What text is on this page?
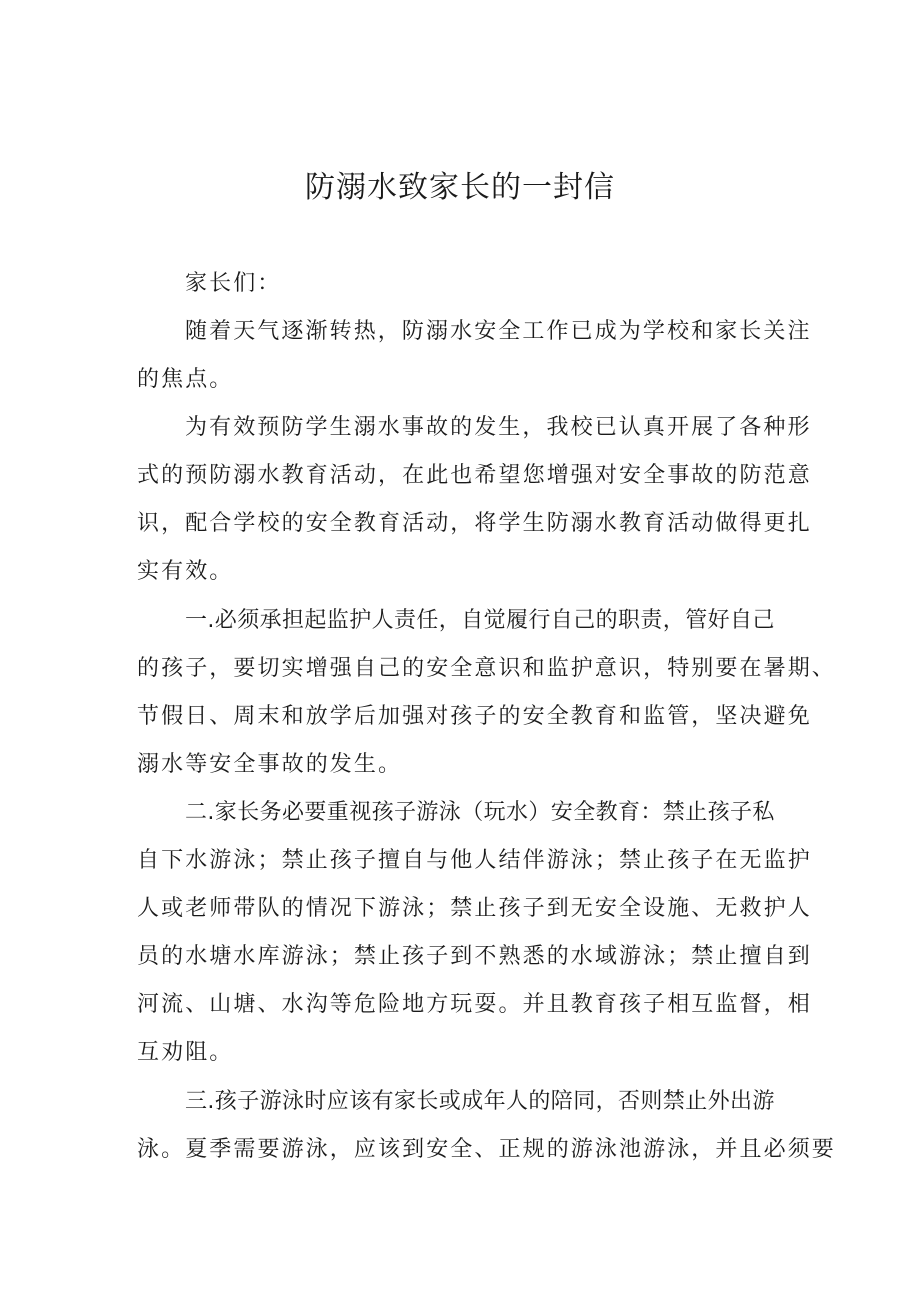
防溺水致家长的一封信

家长们：

随着天气逐渐转热，防溺水安全工作已成为学校和家长关注

的焦点。

为有效预防学生溺水事故的发生，我校已认真开展了各种形

式的预防溺水教育活动，在此也希望您增强对安全事故的防范意

识，配合学校的安全教育活动，将学生防溺水教育活动做得更扎

实有效。

一.必须承担起监护人责任，自觉履行自己的职责，管好自己

的孩子，要切实增强自己的安全意识和监护意识，特别要在暑期、

节假日、周末和放学后加强对孩子的安全教育和监管，坚决避免

溺水等安全事故的发生。

二.家长务必要重视孩子游泳（玩水）安全教育：禁止孩子私

自下水游泳；禁止孩子擅自与他人结伴游泳；禁止孩子在无监护

人或老师带队的情况下游泳；禁止孩子到无安全设施、无救护人

员的水塘水库游泳；禁止孩子到不熟悉的水域游泳；禁止擅自到

河流、山塘、水沟等危险地方玩耍。并且教育孩子相互监督，相

互劝阻。

三.孩子游泳时应该有家长或成年人的陪同，否则禁止外出游

泳。夏季需要游泳，应该到安全、正规的游泳池游泳，并且必须要
